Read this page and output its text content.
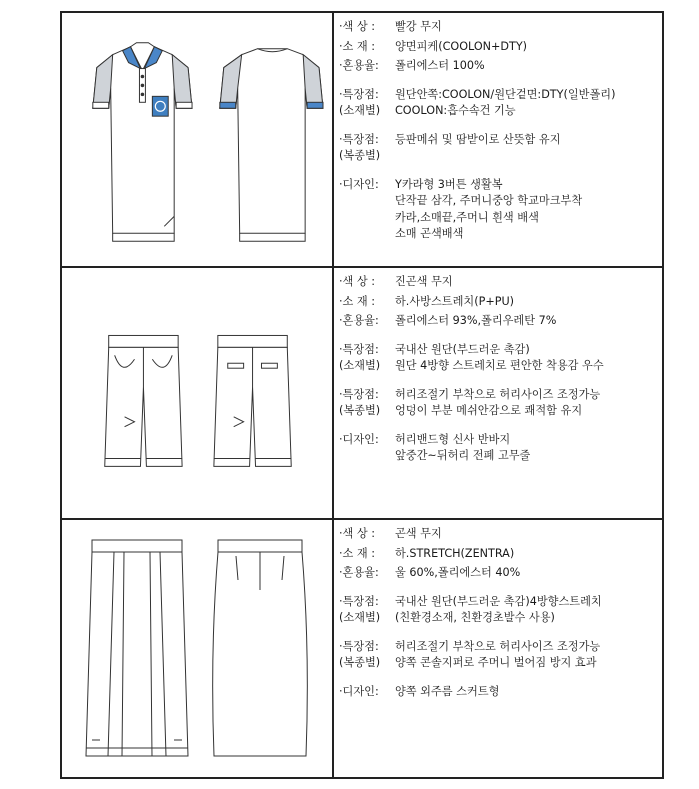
·색 상 :	빨강 무지
·소 재 :	양면피케(COOLON+DTY)
·혼용율:	폴리에스터 100%
·특장점:
(소재별)
원단안쪽:COOLON/원단겉면:DTY(일반폴리)
COOLON:흡수속건 기능
·특장점:
(복종별)
등판메쉬 및 땀받이로 산뜻함 유지
·디자인:	Y카라형 3버튼 생활복
단작끝 삼각, 주머니중앙 학교마크부착
카라,소매끝,주머니 흰색 배색
소매 곤색배색
·색 상 :	진곤색 무지
·소 재 :	하.사방스트레치(P+PU)
·혼용율:	폴리에스터 93%,폴리우레탄 7%
·특장점:
(소재별)
국내산 원단(부드러운 촉감)
원단 4방향 스트레치로 편안한 착용감 우수
·특장점:
(복종별)
허리조절기 부착으로 허리사이즈 조정가능
엉덩이 부분 메쉬안감으로 쾌적함 유지
·디자인:	허리밴드형 신사 반바지
앞중간~뒤허리 전폐 고무줄
·색 상 :	곤색 무지
·소 재 :	하.STRETCH(ZENTRA)
·혼용율:	울 60%,폴리에스터 40%
·특장점:
(소재별)
국내산 원단(부드러운 촉감)4방향스트레치
(친환경소재, 친환경초발수 사용)
·특장점:
(복종별)
허리조절기 부착으로 허리사이즈 조정가능
양쪽 콘솔지퍼로 주머니 벌어짐 방지 효과
·디자인:	양쪽 외주름 스커트형
